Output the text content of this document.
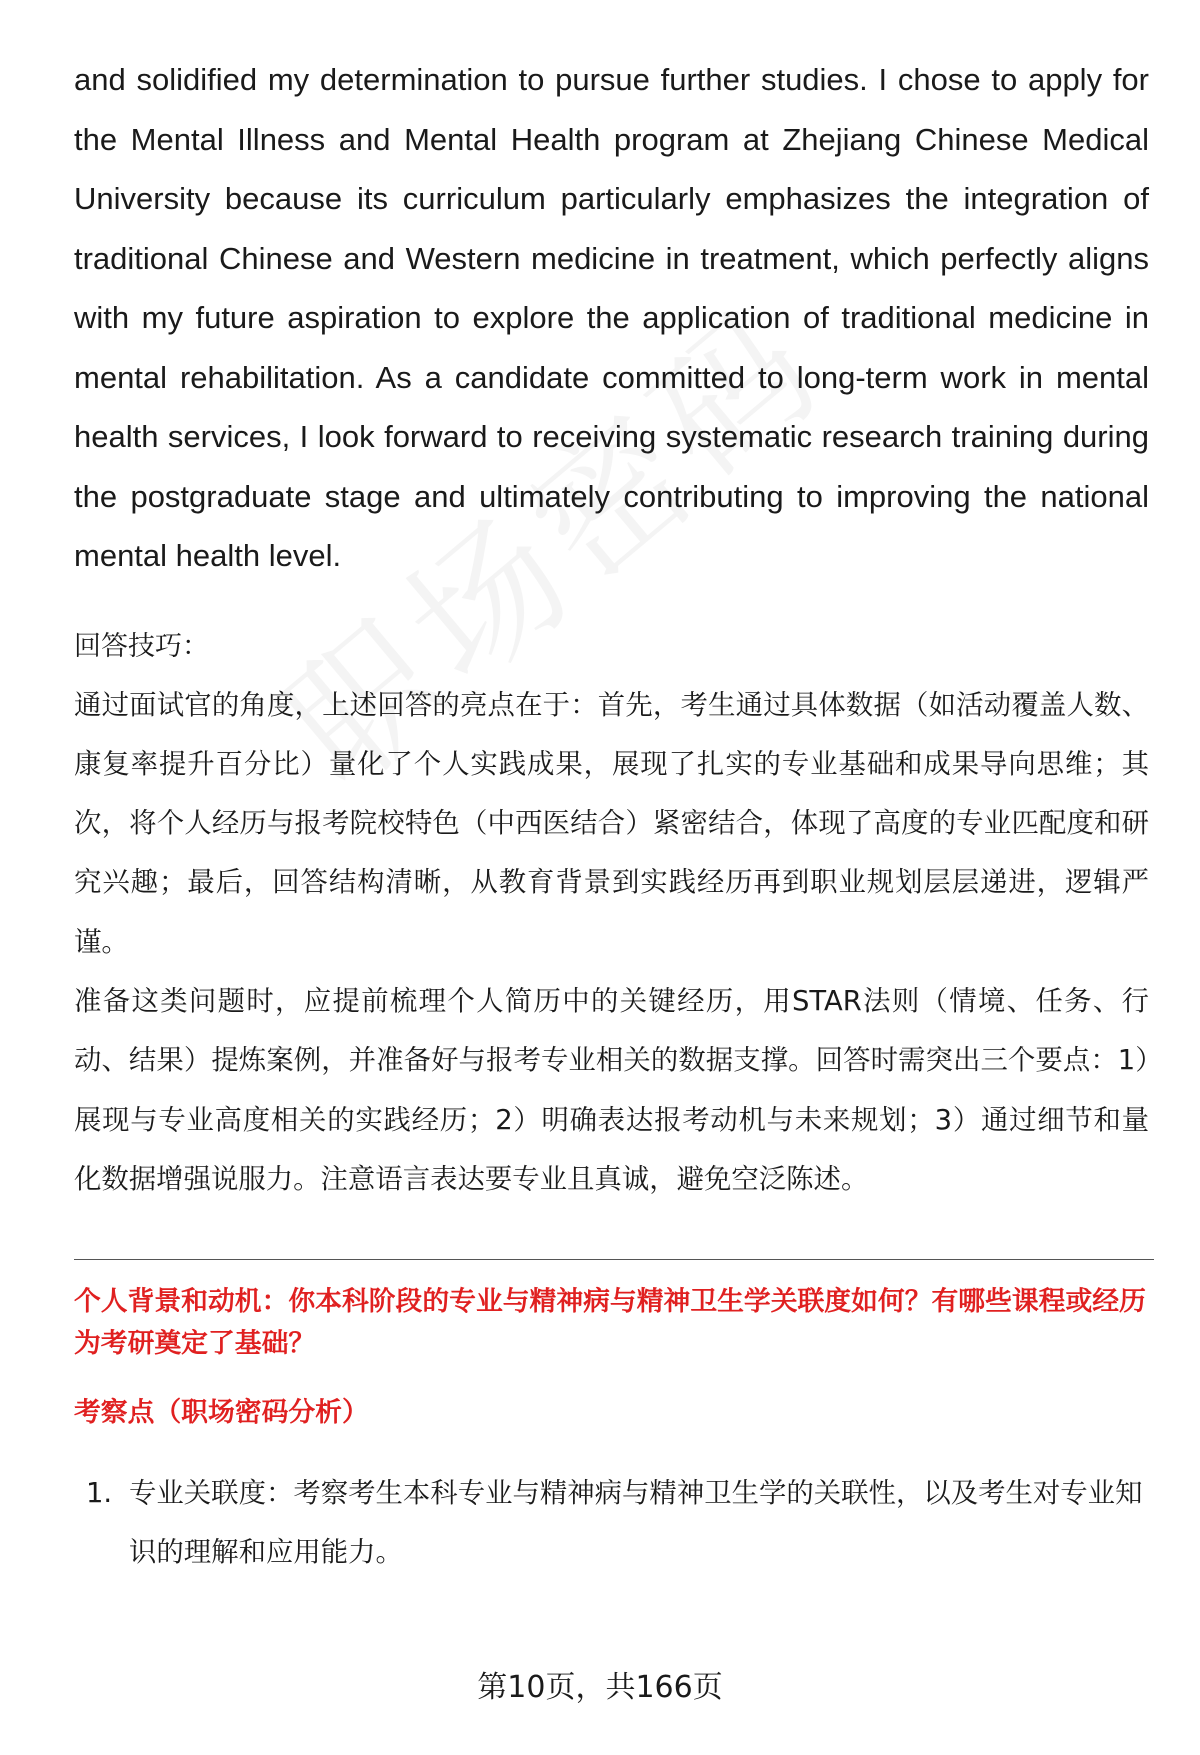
and solidified my determination to pursue further studies. I chose to apply for the Mental Illness and Mental Health program at Zhejiang Chinese Medical University because its curriculum particularly emphasizes the integration of traditional Chinese and Western medicine in treatment, which perfectly aligns with my future aspiration to explore the application of traditional medicine in mental rehabilitation. As a candidate committed to long-term work in mental health services, I look forward to receiving systematic research training during the postgraduate stage and ultimately contributing to improving the national mental health level.

回答技巧：

通过面试官的角度，上述回答的亮点在于：首先，考生通过具体数据（如活动覆盖人数、康复率提升百分比）量化了个人实践成果，展现了扎实的专业基础和成果导向思维；其次，将个人经历与报考院校特色（中西医结合）紧密结合，体现了高度的专业匹配度和研究兴趣；最后，回答结构清晰，从教育背景到实践经历再到职业规划层层递进，逻辑严谨。

准备这类问题时，应提前梳理个人简历中的关键经历，用STAR法则（情境、任务、行动、结果）提炼案例，并准备好与报考专业相关的数据支撑。回答时需突出三个要点：1）展现与专业高度相关的实践经历；2）明确表达报考动机与未来规划；3）通过细节和量化数据增强说服力。注意语言表达要专业且真诚，避免空泛陈述。

个人背景和动机：你本科阶段的专业与精神病与精神卫生学关联度如何？有哪些课程或经历为考研奠定了基础？
考察点（职场密码分析）
1. 专业关联度：考察考生本科专业与精神病与精神卫生学的关联性，以及考生对专业知识的理解和应用能力。
第10页，共166页
